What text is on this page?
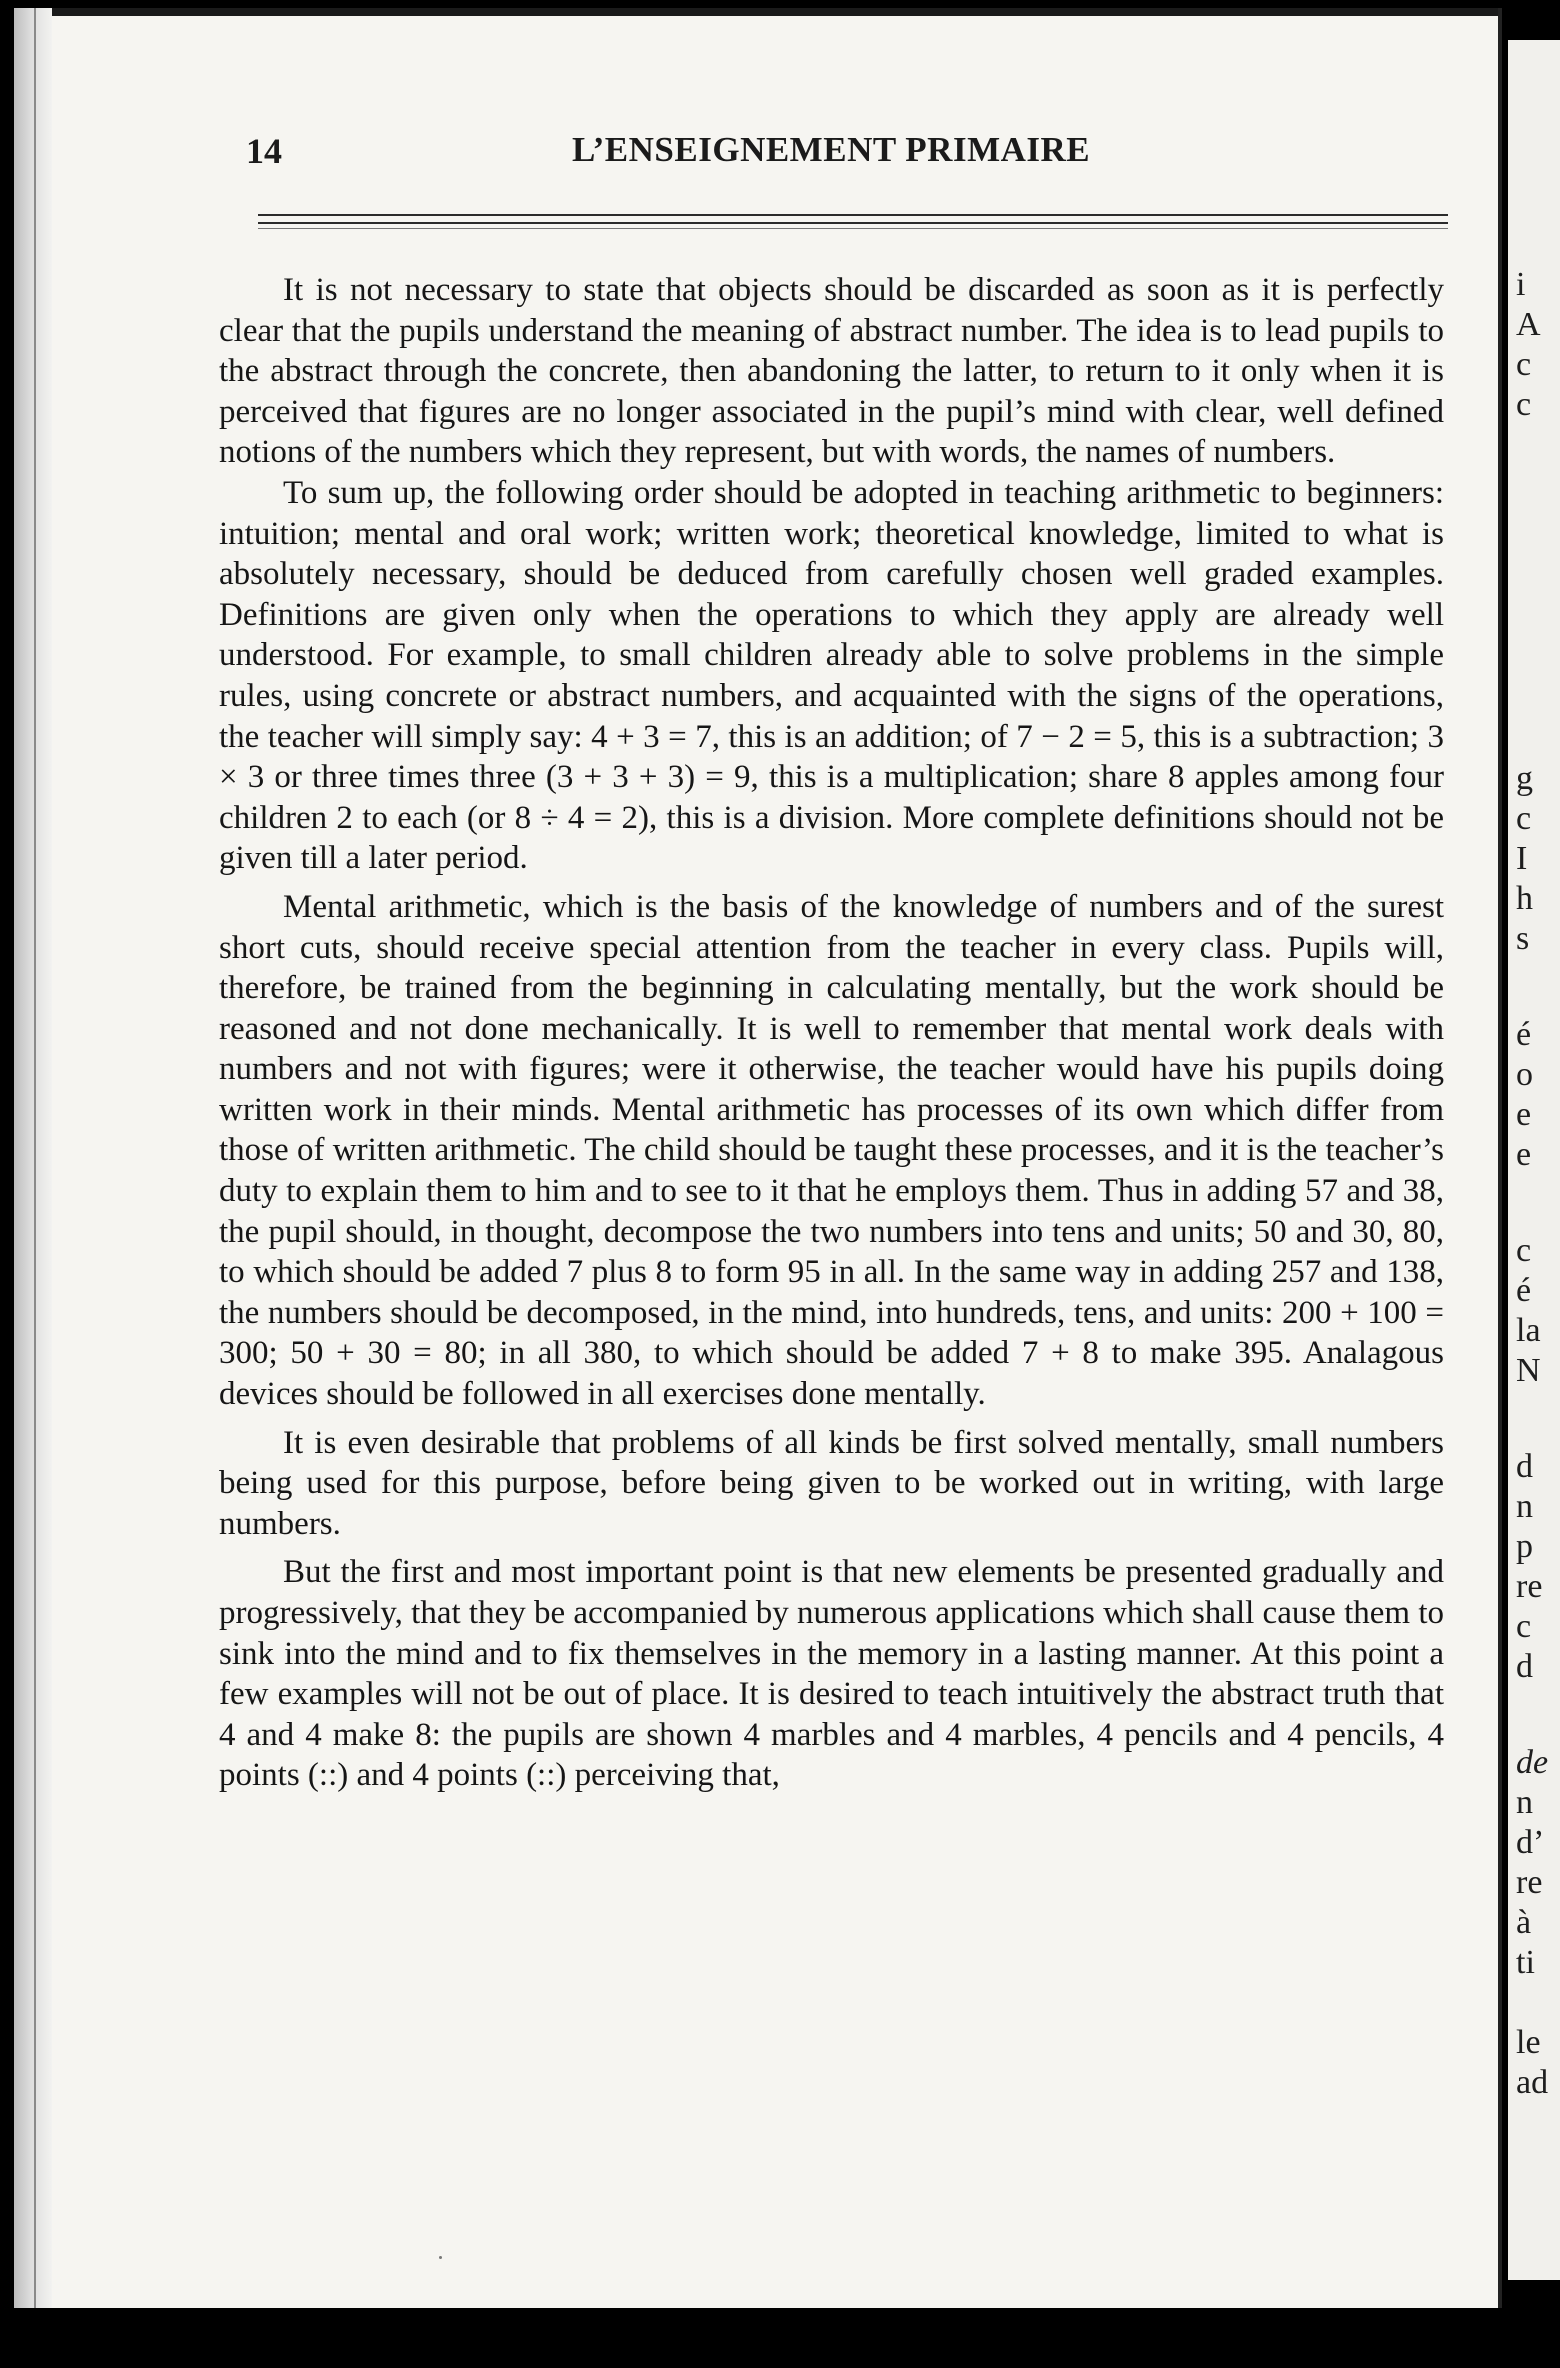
14	L’ENSEIGNEMENT PRIMAIRE

It is not necessary to state that objects should be discarded as soon as it is perfectly clear that the pupils understand the meaning of abstract number. The idea is to lead pupils to the abstract through the concrete, then abandoning the latter, to return to it only when it is perceived that figures are no longer associated in the pupil’s mind with clear, well defined notions of the numbers which they represent, but with words, the names of numbers.

To sum up, the following order should be adopted in teaching arithmetic to beginners: intuition; mental and oral work; written work; theoretical knowledge, limited to what is absolutely necessary, should be deduced from carefully chosen well graded examples. Definitions are given only when the operations to which they apply are already well understood. For example, to small children already able to solve problems in the simple rules, using concrete or abstract numbers, and acquainted with the signs of the operations, the teacher will simply say: 4 + 3 = 7, this is an addition; of 7 − 2 = 5, this is a subtraction; 3 × 3 or three times three (3 + 3 + 3) = 9, this is a multiplication; share 8 apples among four children 2 to each (or 8 ÷ 4 = 2), this is a division. More complete definitions should not be given till a later period.

Mental arithmetic, which is the basis of the knowledge of numbers and of the surest short cuts, should receive special attention from the teacher in every class. Pupils will, therefore, be trained from the beginning in calculating mentally, but the work should be reasoned and not done mechanically. It is well to remember that mental work deals with numbers and not with figures; were it otherwise, the teacher would have his pupils doing written work in their minds. Mental arithmetic has processes of its own which differ from those of written arithmetic. The child should be taught these processes, and it is the teacher’s duty to explain them to him and to see to it that he employs them. Thus in adding 57 and 38, the pupil should, in thought, decompose the two numbers into tens and units; 50 and 30, 80, to which should be added 7 plus 8 to form 95 in all. In the same way in adding 257 and 138, the numbers should be decomposed, in the mind, into hundreds, tens, and units: 200 + 100 = 300; 50 + 30 = 80; in all 380, to which should be added 7 + 8 to make 395. Analagous devices should be followed in all exercises done mentally.

It is even desirable that problems of all kinds be first solved mentally, small numbers being used for this purpose, before being given to be worked out in writing, with large numbers.

But the first and most important point is that new elements be presented gradually and progressively, that they be accompanied by numerous applications which shall cause them to sink into the mind and to fix themselves in the memory in a lasting manner. At this point a few examples will not be out of place. It is desired to teach intuitively the abstract truth that 4 and 4 make 8: the pupils are shown 4 marbles and 4 marbles, 4 pencils and 4 pencils, 4 points (::) and 4 points (::) perceiving that,

i
A
c
c
g
c
I
h
s
é
o
e
e
c
é
la
N
d
n
p
re
c
d
de
n
d’
re
à
ti
le
ad
